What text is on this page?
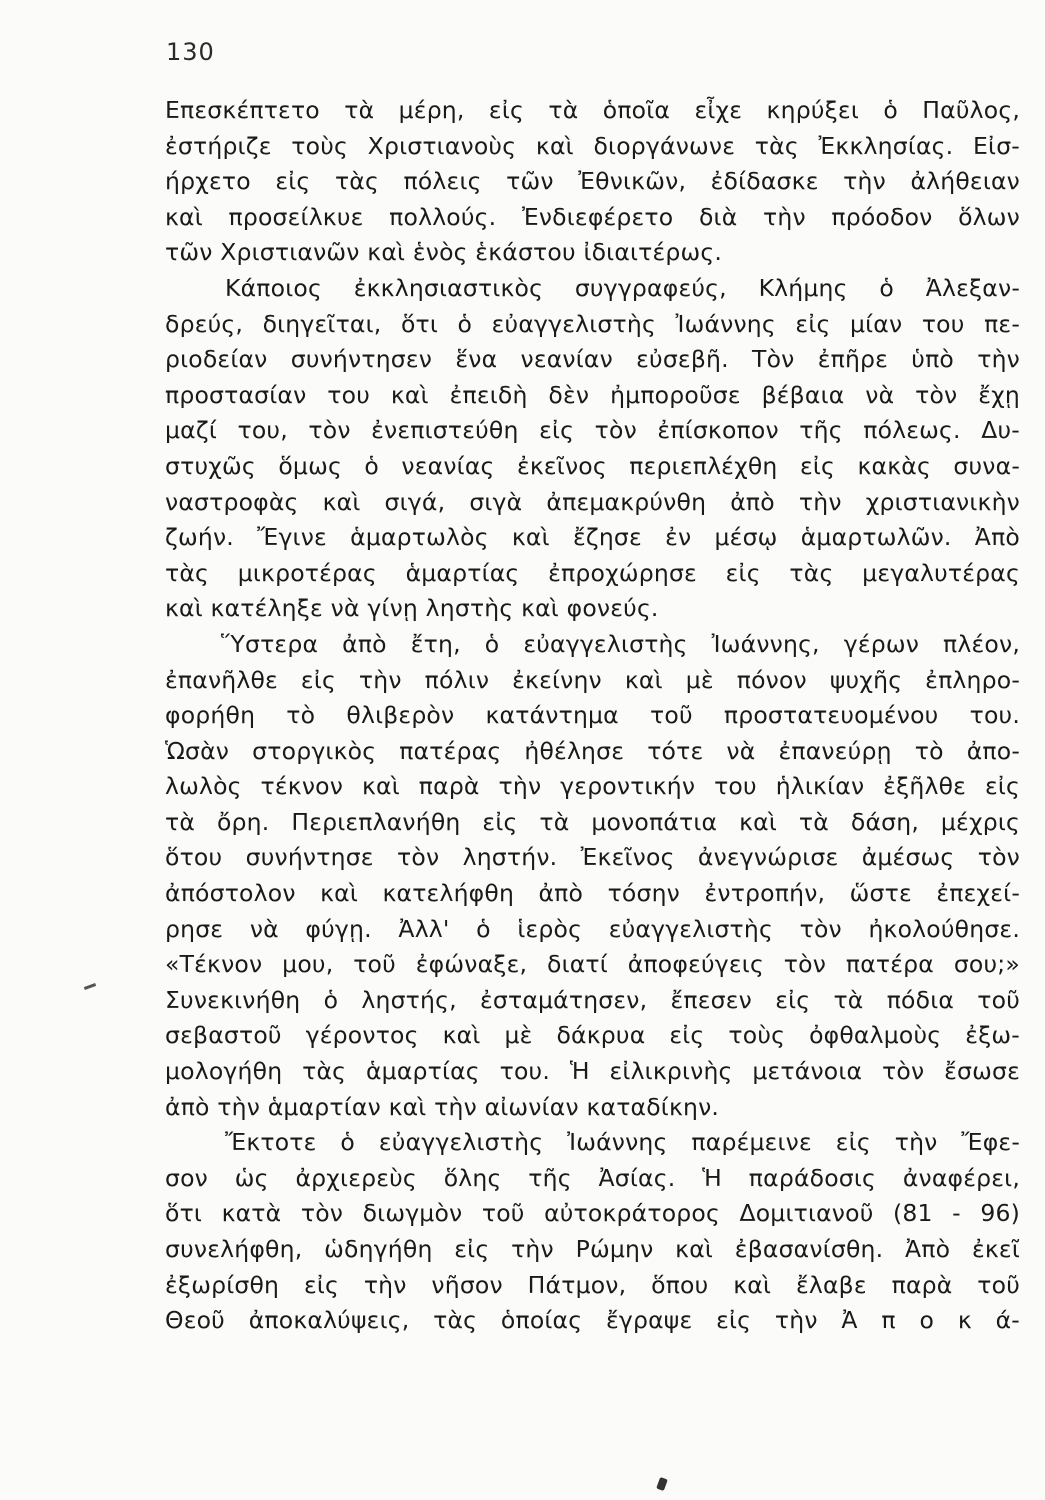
130
Επεσκέπτετο τὰ μέρη, εἰς τὰ ὁποῖα εἶχε κηρύξει ὁ Παῦλος,
ἐστήριζε τοὺς Χριστιανοὺς καὶ διοργάνωνε τὰς Ἐκκλησίας. Εἰσ-
ήρχετο εἰς τὰς πόλεις τῶν Ἐθνικῶν, ἐδίδασκε τὴν ἀλήθειαν
καὶ προσείλκυε πολλούς. Ἐνδιεφέρετο διὰ τὴν πρόοδον ὅλων
τῶν Χριστιανῶν καὶ ἑνὸς ἑκάστου ἰδιαιτέρως.
Κάποιος ἐκκλησιαστικὸς συγγραφεύς, Κλήμης ὁ Ἀλεξαν-
δρεύς, διηγεῖται, ὅτι ὁ εὐαγγελιστὴς Ἰωάννης εἰς μίαν του πε-
ριοδείαν συνήντησεν ἕνα νεανίαν εὐσεβῆ. Τὸν ἐπῆρε ὑπὸ τὴν
προστασίαν του καὶ ἐπειδὴ δὲν ἠμποροῦσε βέβαια νὰ τὸν ἔχῃ
μαζί του, τὸν ἐνεπιστεύθη εἰς τὸν ἐπίσκοπον τῆς πόλεως. Δυ-
στυχῶς ὅμως ὁ νεανίας ἐκεῖνος περιεπλέχθη εἰς κακὰς συνα-
ναστροφὰς καὶ σιγά, σιγὰ ἀπεμακρύνθη ἀπὸ τὴν χριστιανικὴν
ζωήν. Ἔγινε ἁμαρτωλὸς καὶ ἔζησε ἐν μέσῳ ἁμαρτωλῶν. Ἀπὸ
τὰς μικροτέρας ἁμαρτίας ἐπροχώρησε εἰς τὰς μεγαλυτέρας
καὶ κατέληξε νὰ γίνῃ ληστὴς καὶ φονεύς.
Ὕστερα ἀπὸ ἔτη, ὁ εὐαγγελιστὴς Ἰωάννης, γέρων πλέον,
ἐπανῆλθε εἰς τὴν πόλιν ἐκείνην καὶ μὲ πόνον ψυχῆς ἐπληρο-
φορήθη τὸ θλιβερὸν κατάντημα τοῦ προστατευομένου του.
Ὡσὰν στοργικὸς πατέρας ἠθέλησε τότε νὰ ἐπανεύρῃ τὸ ἀπο-
λωλὸς τέκνον καὶ παρὰ τὴν γεροντικήν του ἡλικίαν ἐξῆλθε εἰς
τὰ ὄρη. Περιεπλανήθη εἰς τὰ μονοπάτια καὶ τὰ δάση, μέχρις
ὅτου συνήντησε τὸν ληστήν. Ἐκεῖνος ἀνεγνώρισε ἀμέσως τὸν
ἀπόστολον καὶ κατελήφθη ἀπὸ τόσην ἐντροπήν, ὥστε ἐπεχεί-
ρησε νὰ φύγῃ. Ἀλλ' ὁ ἱερὸς εὐαγγελιστὴς τὸν ἠκολούθησε.
«Τέκνον μου, τοῦ ἐφώναξε, διατί ἀποφεύγεις τὸν πατέρα σου;»
Συνεκινήθη ὁ ληστής, ἐσταμάτησεν, ἔπεσεν εἰς τὰ πόδια τοῦ
σεβαστοῦ γέροντος καὶ μὲ δάκρυα εἰς τοὺς ὀφθαλμοὺς ἐξω-
μολογήθη τὰς ἁμαρτίας του. Ἡ εἰλικρινὴς μετάνοια τὸν ἔσωσε
ἀπὸ τὴν ἁμαρτίαν καὶ τὴν αἰωνίαν καταδίκην.
Ἔκτοτε ὁ εὐαγγελιστὴς Ἰωάννης παρέμεινε εἰς τὴν Ἔφε-
σον ὡς ἀρχιερεὺς ὅλης τῆς Ἀσίας. Ἡ παράδοσις ἀναφέρει,
ὅτι κατὰ τὸν διωγμὸν τοῦ αὐτοκράτορος Δομιτιανοῦ (81 - 96)
συνελήφθη, ὡδηγήθη εἰς τὴν Ρώμην καὶ ἐβασανίσθη. Ἀπὸ ἐκεῖ
ἐξωρίσθη εἰς τὴν νῆσον Πάτμον, ὅπου καὶ ἔλαβε παρὰ τοῦ
Θεοῦ ἀποκαλύψεις, τὰς ὁποίας ἔγραψε εἰς τὴν Ἀ π ο κ ά-
